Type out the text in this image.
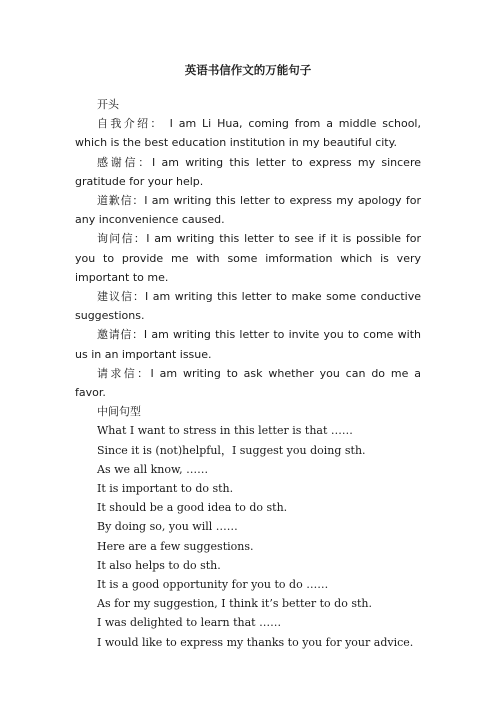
英语书信作文的万能句子
开头
自我介绍： I am Li Hua, coming from a middle school, which is the best education institution in my beautiful city.
感谢信：I am writing this letter to express my sincere gratitude for your help.
道歉信：I am writing this letter to express my apology for any inconvenience caused.
询问信：I am writing this letter to see if it is possible for you to provide me with some imformation which is very important to me.
建议信：I am writing this letter to make some conductive suggestions.
邀请信：I am writing this letter to invite you to come with us in an important issue.
请求信：I am writing to ask whether you can do me a favor.
中间句型
What I want to stress in this letter is that ……
Since it is (not)helpful，I suggest you doing sth.
As we all know, ……
It is important to do sth.
It should be a good idea to do sth.
By doing so, you will ……
Here are a few suggestions.
It also helps to do sth.
It is a good opportunity for you to do ……
As for my suggestion, I think it’s better to do sth.
I was delighted to learn that ……
I would like to express my thanks to you for your advice.
